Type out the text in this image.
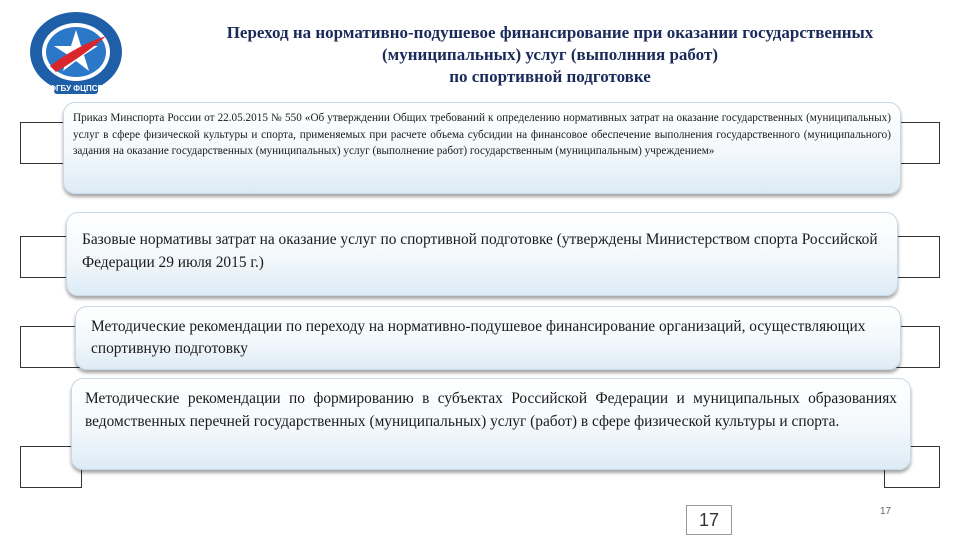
ФГБУ ФЦПСР
Переход на нормативно-подушевое финансирование при оказании государственных
(муниципальных) услуг (выполнния работ)
по спортивной подготовке
Приказ Минспорта России от 22.05.2015 № 550 «Об утверждении Общих требований к определению нормативных затрат на оказание государственных (муниципальных) услуг в сфере физической культуры и спорта, применяемых при расчете объема субсидии на финансовое обеспечение выполнения государственного (муниципального) задания на оказание государственных (муниципальных) услуг (выполнение работ) государственным (муниципальным) учреждением»
Базовые нормативы затрат на оказание услуг по спортивной подготовке (утверждены Министерством спорта Российской Федерации 29 июля 2015 г.)
Методические рекомендации по переходу на нормативно-подушевое финансирование организаций, осуществляющих спортивную подготовку
Методические рекомендации по формированию в субъектах Российской Федерации и муниципальных образованиях ведомственных перечней государственных (муниципальных) услуг (работ) в сфере физической культуры и спорта.
17	17
